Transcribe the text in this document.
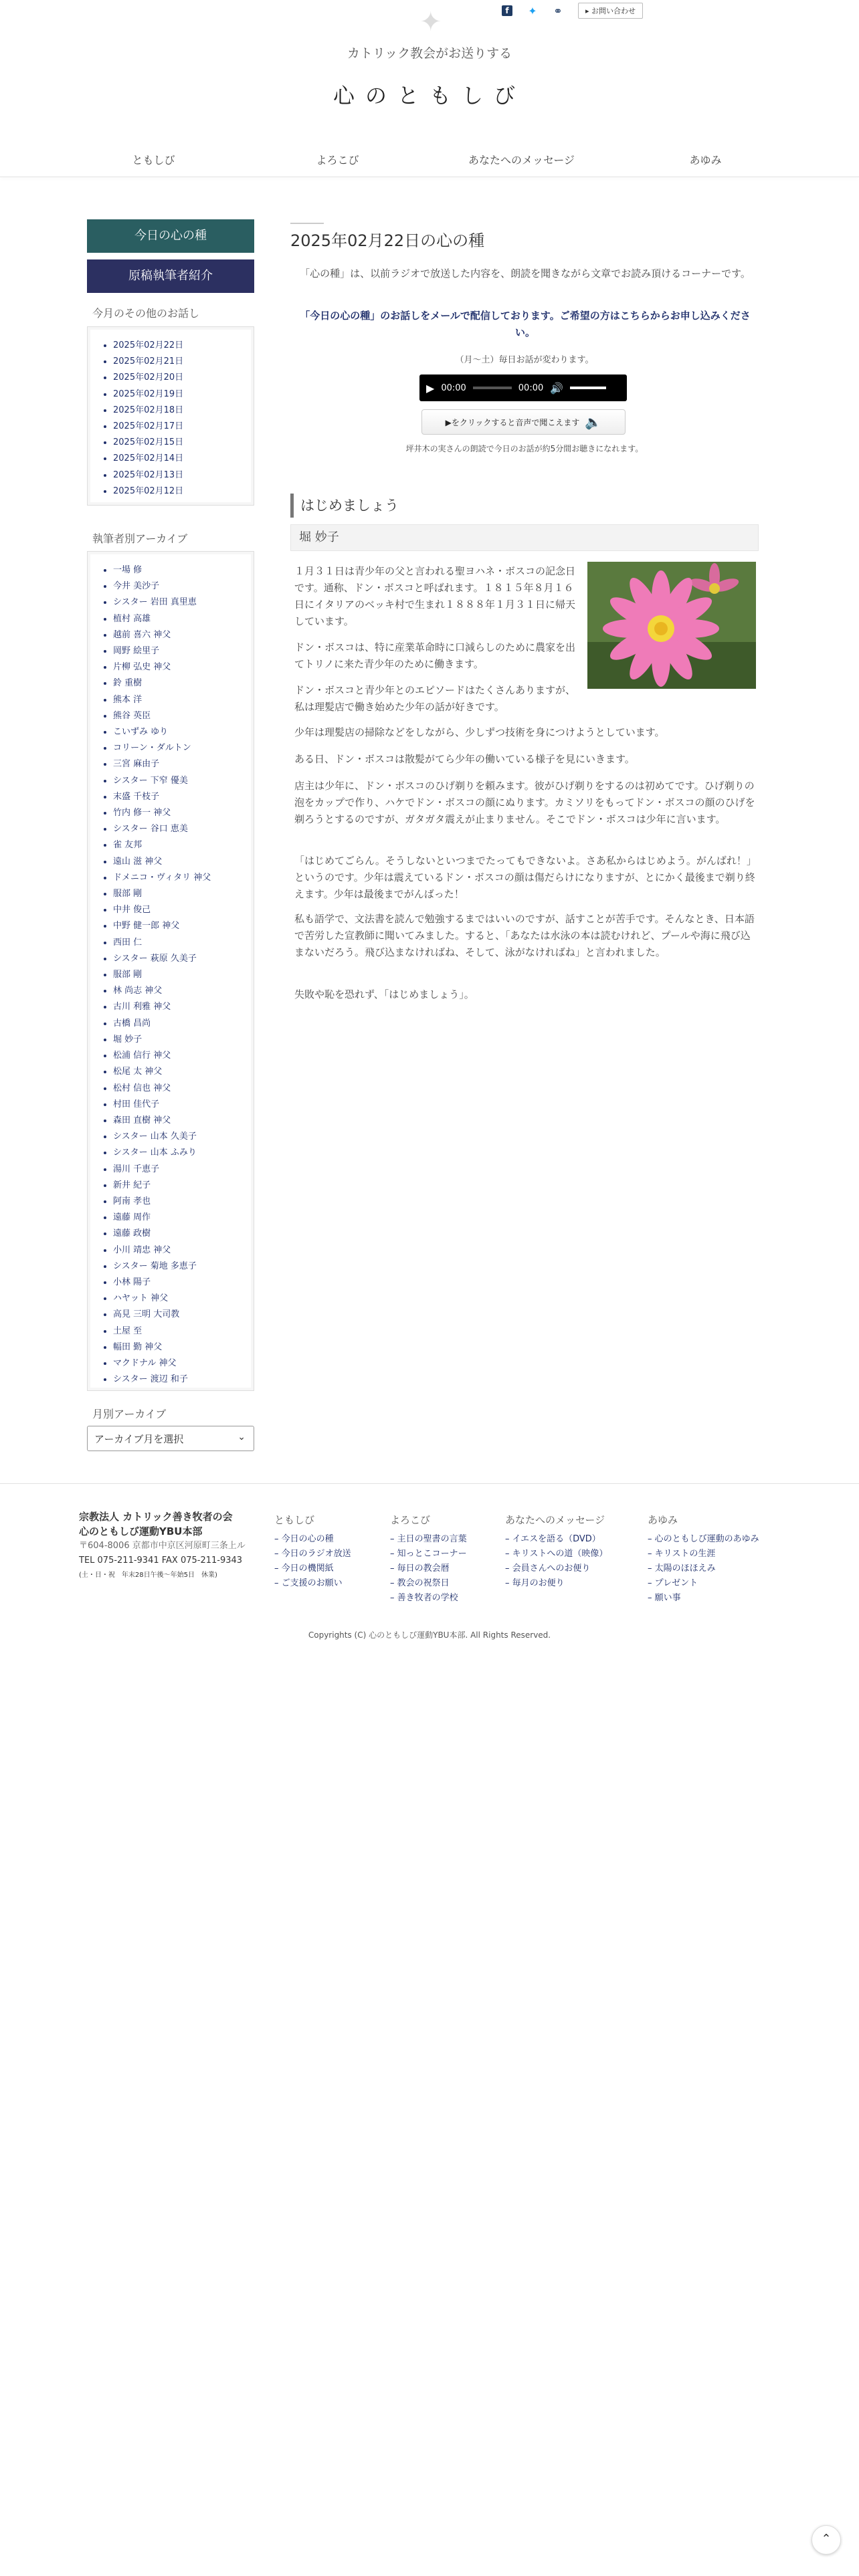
f	✦ ⚭	▸ お問い合わせ
✦
カトリック教会がお送りする
心のともしび
ともしび	よろこび	あなたへのメッセージ	あゆみ
今日の心の種
原稿執筆者紹介
今月のその他のお話し
• 2025年02月22日
• 2025年02月21日
• 2025年02月20日
• 2025年02月19日
• 2025年02月18日
• 2025年02月17日
• 2025年02月15日
• 2025年02月14日
• 2025年02月13日
• 2025年02月12日
執筆者別アーカイブ
• 一場 修
• 今井 美沙子
• シスター 岩田 真里恵
• 植村 高雄
• 越前 喜六 神父
• 岡野 絵里子
• 片柳 弘史 神父
• 鈴 重樹
• 熊本 洋
• 熊谷 英臣
• こいずみ ゆり
• コリーン・ダルトン
• 三宮 麻由子
• シスター 下窄 優美
• 末盛 千枝子
• 竹内 修一 神父
• シスター 谷口 恵美
• 雀 友邦
• 遠山 滋 神父
• ドメニコ・ヴィタリ 神父
• 服部 剛
• 中井 俊己
• 中野 健一郎 神父
• 西田 仁
• シスター 萩原 久美子
• 服部 剛
• 林 尚志 神父
• 古川 利雅 神父
• 古橋 昌尚
• 堀 妙子
• 松浦 信行 神父
• 松尾 太 神父
• 松村 信也 神父
• 村田 佳代子
• 森田 直樹 神父
• シスター 山本 久美子
• シスター 山本 ふみり
• 湯川 千恵子
• 新井 紀子
• 阿南 孝也
• 遠藤 周作
• 遠藤 政樹
• 小川 靖忠 神父
• シスター 菊地 多恵子
• 小林 陽子
• ハヤット 神父
• 高見 三明 大司教
• 土屋 至
• 幅田 勤 神父
• マクドナル 神父
• シスター 渡辺 和子
月別アーカイブ
アーカイブ月を選択	⌄
2025年02月22日の心の種
「心の種」は、以前ラジオで放送した内容を、朗読を聞きながら文章でお読み頂けるコーナーです。
「今日の心の種」のお話しをメールで配信しております。ご希望の方はこちらからお申し込みください。
（月〜土）毎日お話が変わります。
▶ 00:00	00:00 🔊
▶をクリックすると音声で聞こえます 🔈
坪井木の実さんの朗読で今日のお話が約5分間お聴きになれます。
はじめましょう
堀 妙子
１月３１日は青少年の父と言われる聖ヨハネ・ボスコの記念日です。通称、ドン・ボスコと呼ばれます。１８１５年８月１６日にイタリアのベッキ村で生まれ１８８８年１月３１日に帰天しています。
ドン・ボスコは、特に産業革命時に口減らしのために農家を出てトリノに来た青少年のために働きます。
ドン・ボスコと青少年とのエピソードはたくさんありますが、私は理髪店で働き始めた少年の話が好きです。
少年は理髪店の掃除などをしながら、少しずつ技術を身につけようとしています。
ある日、ドン・ボスコは散髪がてら少年の働いている様子を見にいきます。
店主は少年に、ドン・ボスコのひげ剃りを頼みます。彼がひげ剃りをするのは初めてです。ひげ剃りの泡をカップで作り、ハケでドン・ボスコの顔にぬります。カミソリをもってドン・ボスコの顔のひげを剃ろうとするのですが、ガタガタ震えが止まりません。そこでドン・ボスコは少年に言います。
「はじめてごらん。そうしないといつまでたってもできないよ。さあ私からはじめよう。がんばれ！」というのです。少年は震えているドン・ボスコの顔は傷だらけになりますが、とにかく最後まで剃り終えます。少年は最後までがんばった！
私も語学で、文法書を読んで勉強するまではいいのですが、話すことが苦手です。そんなとき、日本語で苦労した宣教師に聞いてみました。すると、「あなたは水泳の本は読むけれど、プールや海に飛び込まないだろう。飛び込まなければね、そして、泳がなければね」と言われました。
失敗や恥を恐れず、「はじめましょう」。
宗教法人 カトリック善き牧者の会
心のともしび運動YBU本部
〒604-8006 京都市中京区河原町三条上ル
TEL 075-211-9341 FAX 075-211-9343
(土・日・祝　年末28日午後〜年始5日　休業)
ともしび
– 今日の心の種
– 今日のラジオ放送
– 今日の機関紙
– ご支援のお願い
よろこび
– 主日の聖書の言葉
– 知っとこコーナー
– 毎日の教会暦
– 教会の祝祭日
– 善き牧者の学校
あなたへのメッセージ
– イエスを語る（DVD）
– キリストへの道（映像）
– 会員さんへのお便り
– 毎月のお便り
あゆみ
– 心のともしび運動のあゆみ
– キリストの生涯
– 太陽のほほえみ
– プレゼント
– 願い事
Copyrights (C) 心のともしび運動YBU本部. All Rights Reserved.
⌃
